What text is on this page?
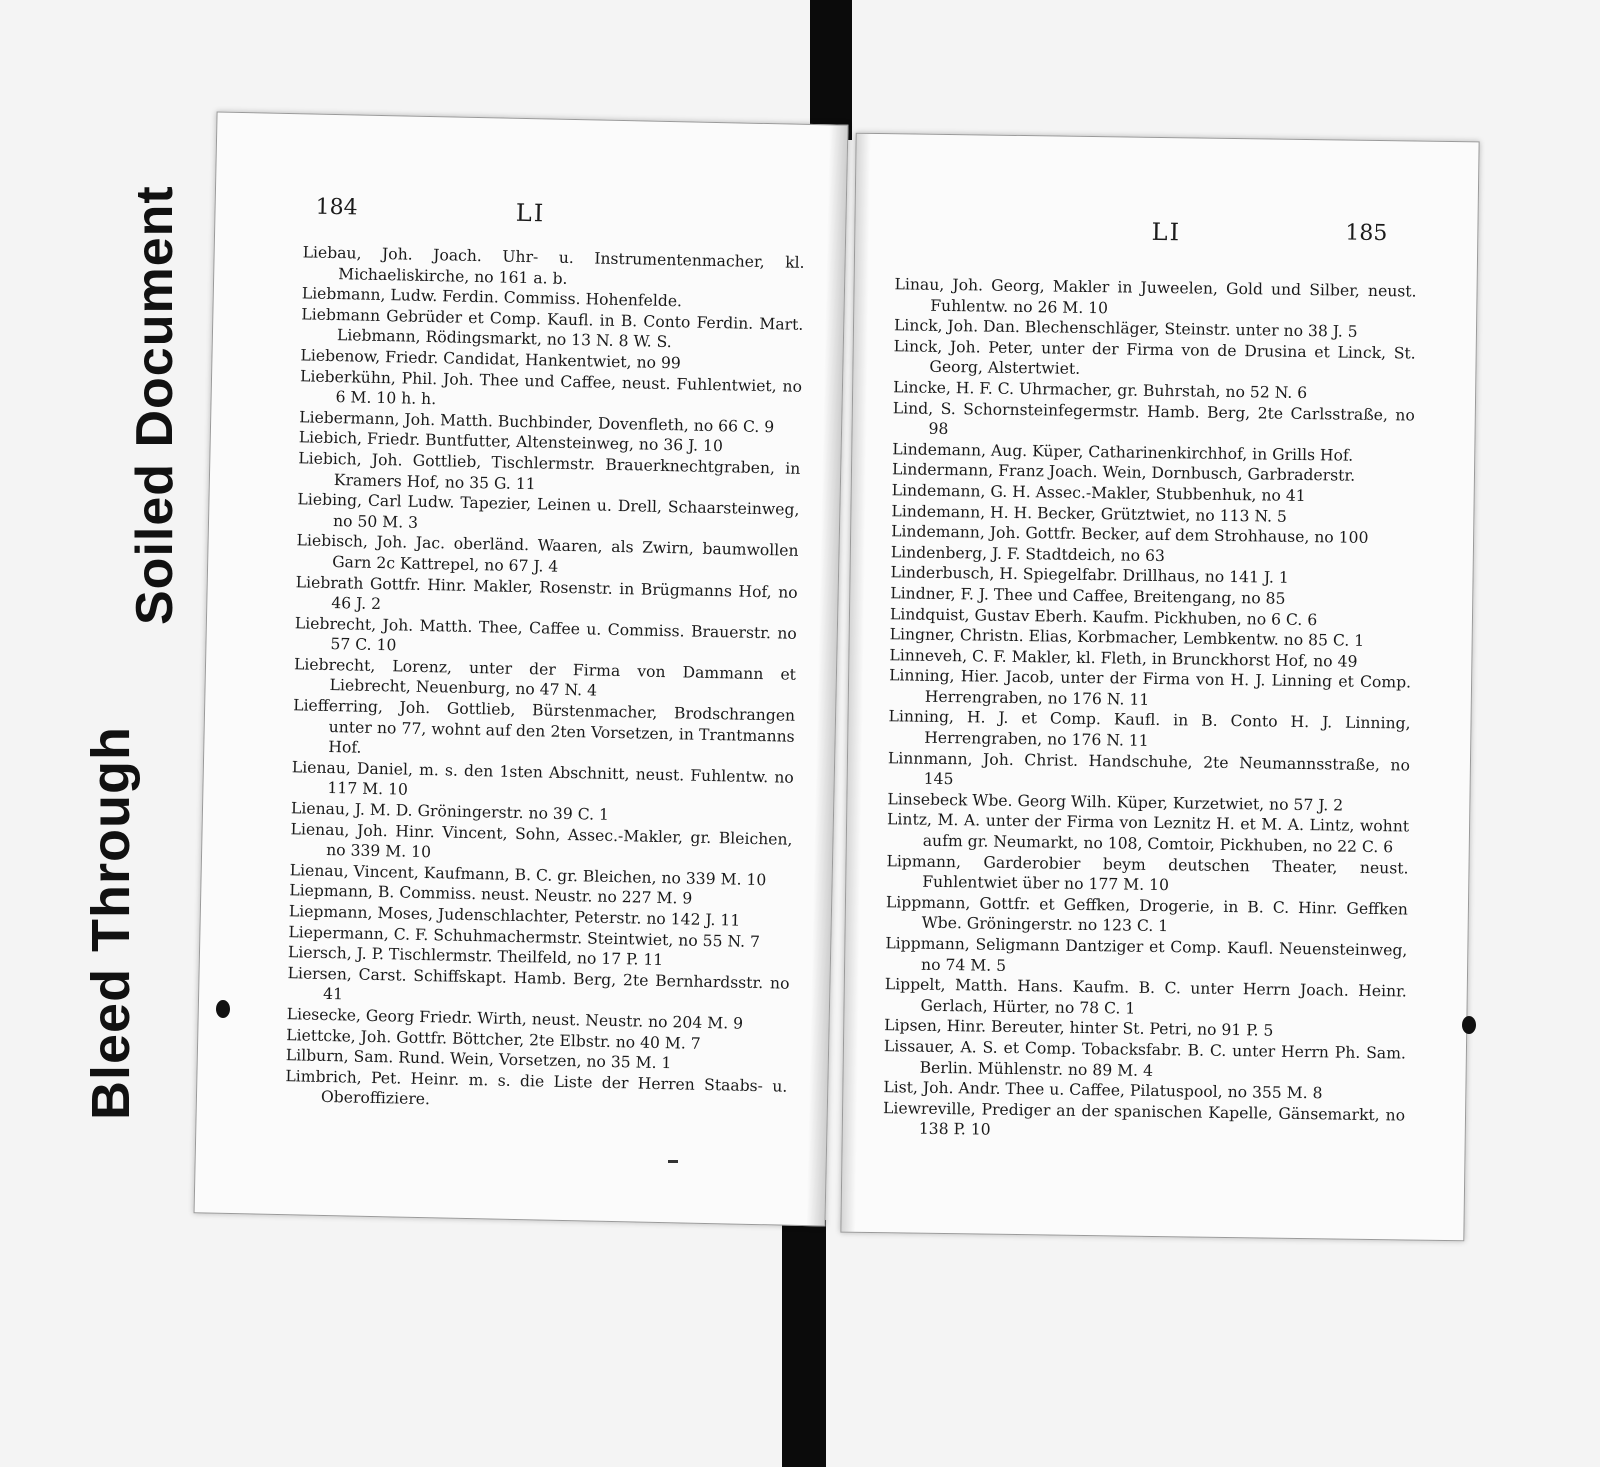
Bleed Through
Soiled Document	184	LI
Liebau, Joh. Joach. Uhr- u. Instrumentenmacher, kl. Michaeliskirche, no 161 a. b.
Liebmann, Ludw. Ferdin. Commiss. Hohenfelde.
Liebmann Gebrüder et Comp. Kaufl. in B. Conto Ferdin. Mart. Liebmann, Rödingsmarkt, no 13 N. 8 W. S.
Liebenow, Friedr. Candidat, Hankentwiet, no 99
Lieberkühn, Phil. Joh. Thee und Caffee, neust. Fuhlentwiet, no 6 M. 10 h. h.
Liebermann, Joh. Matth. Buchbinder, Dovenfleth, no 66 C. 9
Liebich, Friedr. Buntfutter, Altensteinweg, no 36 J. 10
Liebich, Joh. Gottlieb, Tischlermstr. Brauerknechtgraben, in Kramers Hof, no 35 G. 11
Liebing, Carl Ludw. Tapezier, Leinen u. Drell, Schaarsteinweg, no 50 M. 3
Liebisch, Joh. Jac. oberländ. Waaren, als Zwirn, baumwollen Garn 2c Kattrepel, no 67 J. 4
Liebrath Gottfr. Hinr. Makler, Rosenstr. in Brügmanns Hof, no 46 J. 2
Liebrecht, Joh. Matth. Thee, Caffee u. Commiss. Brauerstr. no 57 C. 10
Liebrecht, Lorenz, unter der Firma von Dammann et Liebrecht, Neuenburg, no 47 N. 4
Liefferring, Joh. Gottlieb, Bürstenmacher, Brodschrangen unter no 77, wohnt auf den 2ten Vorsetzen, in Trantmanns Hof.
Lienau, Daniel, m. s. den 1sten Abschnitt, neust. Fuhlentw. no 117 M. 10
Lienau, J. M. D. Gröningerstr. no 39 C. 1
Lienau, Joh. Hinr. Vincent, Sohn, Assec.-Makler, gr. Bleichen, no 339 M. 10
Lienau, Vincent, Kaufmann, B. C. gr. Bleichen, no 339 M. 10
Liepmann, B. Commiss. neust. Neustr. no 227 M. 9
Liepmann, Moses, Judenschlachter, Peterstr. no 142 J. 11
Liepermann, C. F. Schuhmachermstr. Steintwiet, no 55 N. 7
Liersch, J. P. Tischlermstr. Theilfeld, no 17 P. 11
Liersen, Carst. Schiffskapt. Hamb. Berg, 2te Bernhardsstr. no 41
Liesecke, Georg Friedr. Wirth, neust. Neustr. no 204 M. 9
Liettcke, Joh. Gottfr. Böttcher, 2te Elbstr. no 40 M. 7
Lilburn, Sam. Rund. Wein, Vorsetzen, no 35 M. 1
Limbrich, Pet. Heinr. m. s. die Liste der Herren Staabs- u. Oberoffiziere.
LI	185
Linau, Joh. Georg, Makler in Juweelen, Gold und Silber, neust. Fuhlentw. no 26 M. 10
Linck, Joh. Dan. Blechenschläger, Steinstr. unter no 38 J. 5
Linck, Joh. Peter, unter der Firma von de Drusina et Linck, St. Georg, Alstertwiet.
Lincke, H. F. C. Uhrmacher, gr. Buhrstah, no 52 N. 6
Lind, S. Schornsteinfegermstr. Hamb. Berg, 2te Carlsstraße, no 98
Lindemann, Aug. Küper, Catharinenkirchhof, in Grills Hof.
Lindermann, Franz Joach. Wein, Dornbusch, Garbraderstr.
Lindemann, G. H. Assec.-Makler, Stubbenhuk, no 41
Lindemann, H. H. Becker, Grütztwiet, no 113 N. 5
Lindemann, Joh. Gottfr. Becker, auf dem Strohhause, no 100
Lindenberg, J. F. Stadtdeich, no 63
Linderbusch, H. Spiegelfabr. Drillhaus, no 141 J. 1
Lindner, F. J. Thee und Caffee, Breitengang, no 85
Lindquist, Gustav Eberh. Kaufm. Pickhuben, no 6 C. 6
Lingner, Christn. Elias, Korbmacher, Lembkentw. no 85 C. 1
Linneveh, C. F. Makler, kl. Fleth, in Brunckhorst Hof, no 49
Linning, Hier. Jacob, unter der Firma von H. J. Linning et Comp. Herrengraben, no 176 N. 11
Linning, H. J. et Comp. Kaufl. in B. Conto H. J. Linning, Herrengraben, no 176 N. 11
Linnmann, Joh. Christ. Handschuhe, 2te Neumannsstraße, no 145
Linsebeck Wbe. Georg Wilh. Küper, Kurzetwiet, no 57 J. 2
Lintz, M. A. unter der Firma von Leznitz H. et M. A. Lintz, wohnt aufm gr. Neumarkt, no 108, Comtoir, Pickhuben, no 22 C. 6
Lipmann, Garderobier beym deutschen Theater, neust. Fuhlentwiet über no 177 M. 10
Lippmann, Gottfr. et Geffken, Drogerie, in B. C. Hinr. Geffken Wbe. Gröningerstr. no 123 C. 1
Lippmann, Seligmann Dantziger et Comp. Kaufl. Neuensteinweg, no 74 M. 5
Lippelt, Matth. Hans. Kaufm. B. C. unter Herrn Joach. Heinr. Gerlach, Hürter, no 78 C. 1
Lipsen, Hinr. Bereuter, hinter St. Petri, no 91 P. 5
Lissauer, A. S. et Comp. Tobacksfabr. B. C. unter Herrn Ph. Sam. Berlin. Mühlenstr. no 89 M. 4
List, Joh. Andr. Thee u. Caffee, Pilatuspool, no 355 M. 8
Liewreville, Prediger an der spanischen Kapelle, Gänsemarkt, no 138 P. 10
